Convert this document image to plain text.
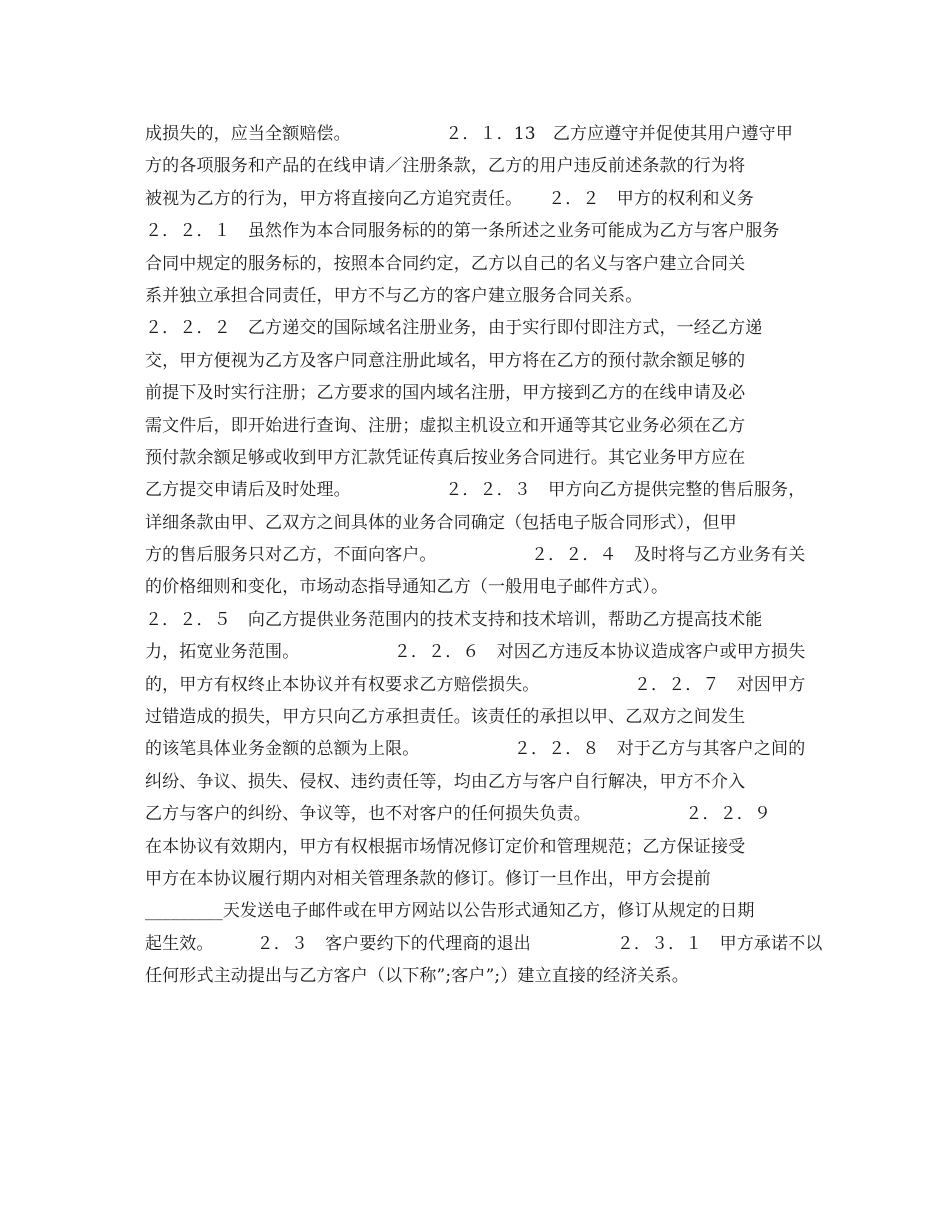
成损失的，应当全额赔偿。　　　　　　２．１．13　乙方应遵守并促使其用户遵守甲
方的各项服务和产品的在线申请／注册条款，乙方的用户违反前述条款的行为将
被视为乙方的行为，甲方将直接向乙方追究责任。　　２．２　甲方的权利和义务
２．２．１　虽然作为本合同服务标的的第一条所述之业务可能成为乙方与客户服务
合同中规定的服务标的，按照本合同约定，乙方以自己的名义与客户建立合同关
系并独立承担合同责任，甲方不与乙方的客户建立服务合同关系。
２．２．２　乙方递交的国际域名注册业务，由于实行即付即注方式，一经乙方递
交，甲方便视为乙方及客户同意注册此域名，甲方将在乙方的预付款余额足够的
前提下及时实行注册；乙方要求的国内域名注册，甲方接到乙方的在线申请及必
需文件后，即开始进行查询、注册；虚拟主机设立和开通等其它业务必须在乙方
预付款余额足够或收到甲方汇款凭证传真后按业务合同进行。其它业务甲方应在
乙方提交申请后及时处理。　　　　　　２．２．３　甲方向乙方提供完整的售后服务，
详细条款由甲、乙双方之间具体的业务合同确定（包括电子版合同形式），但甲
方的售后服务只对乙方，不面向客户。　　　　　　２．２．４　及时将与乙方业务有关
的价格细则和变化，市场动态指导通知乙方（一般用电子邮件方式）。
２．２．５　向乙方提供业务范围内的技术支持和技术培训，帮助乙方提高技术能
力，拓宽业务范围。　　　　　　２．２．６　对因乙方违反本协议造成客户或甲方损失
的，甲方有权终止本协议并有权要求乙方赔偿损失。　　　　　　２．２．７　对因甲方
过错造成的损失，甲方只向乙方承担责任。该责任的承担以甲、乙双方之间发生
的该笔具体业务金额的总额为上限。　　　　　　２．２．８　对于乙方与其客户之间的
纠纷、争议、损失、侵权、违约责任等，均由乙方与客户自行解决，甲方不介入
乙方与客户的纠纷、争议等，也不对客户的任何损失负责。　　　　　　２．２．９
在本协议有效期内，甲方有权根据市场情况修订定价和管理规范；乙方保证接受
甲方在本协议履行期内对相关管理条款的修订。修订一旦作出，甲方会提前
_________天发送电子邮件或在甲方网站以公告形式通知乙方，修订从规定的日期
起生效。　　　２．３　客户要约下的代理商的退出　　　　　２．３．１　甲方承诺不以
任何形式主动提出与乙方客户（以下称”;客户”;）建立直接的经济关系。
